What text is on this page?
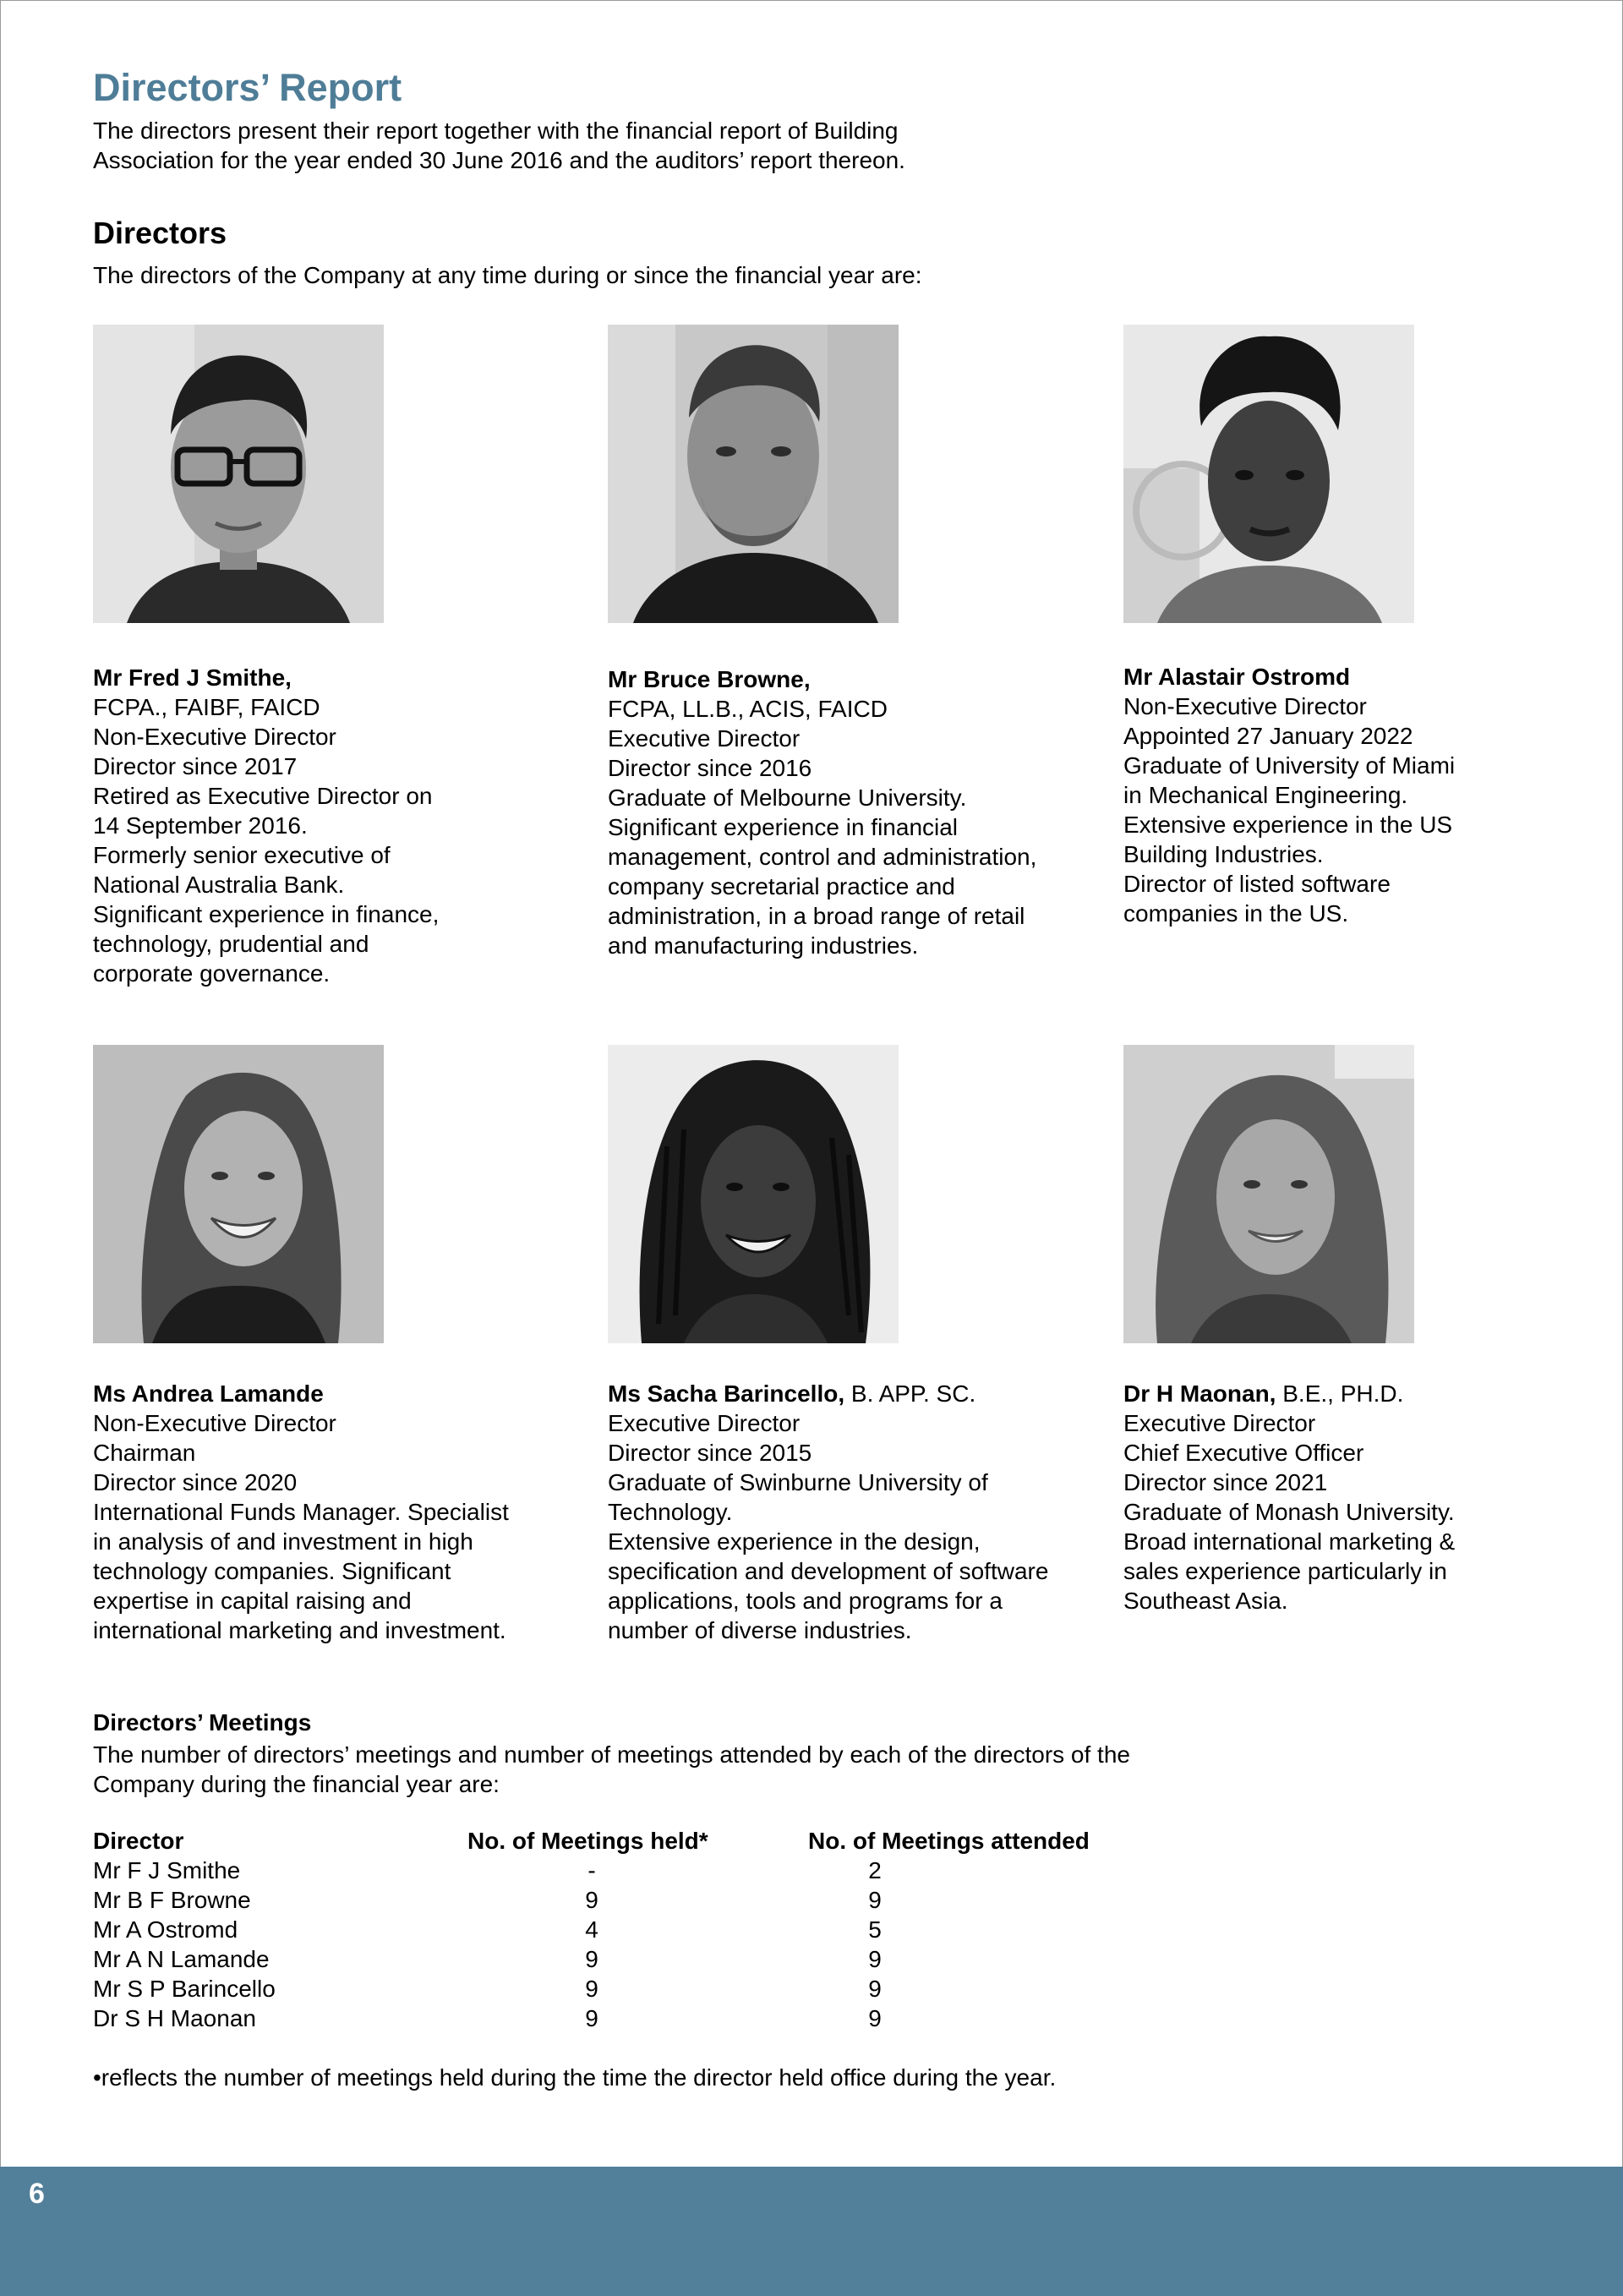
Directors’ Report
The directors present their report together with the financial report of Building
Association for the year ended 30 June 2016 and the auditors’ report thereon.
Directors
The directors of the Company at any time during or since the financial year are:
Mr Fred J Smithe,
FCPA., FAIBF, FAICD
Non-Executive Director
Director since 2017
Retired as Executive Director on
14 September 2016.
Formerly senior executive of
National Australia Bank.
Significant experience in finance,
technology, prudential and
corporate governance.
Mr Bruce Browne,
FCPA, LL.B., ACIS, FAICD
Executive Director
Director since 2016
Graduate of Melbourne University.
Significant experience in financial
management, control and administration,
company secretarial practice and
administration, in a broad range of retail
and manufacturing industries.
Mr Alastair Ostromd
Non-Executive Director
Appointed 27 January 2022
Graduate of University of Miami
in Mechanical Engineering.
Extensive experience in the US
Building Industries.
Director of listed software
companies in the US.
Ms Andrea Lamande
Non-Executive Director
Chairman
Director since 2020
International Funds Manager. Specialist
in analysis of and investment in high
technology companies. Significant
expertise in capital raising and
international marketing and investment.
Ms Sacha Barincello, B. APP. SC.
Executive Director
Director since 2015
Graduate of Swinburne University of
Technology.
Extensive experience in the design,
specification and development of software
applications, tools and programs for a
number of diverse industries.
Dr H Maonan, B.E., PH.D.
Executive Director
Chief Executive Officer
Director since 2021
Graduate of Monash University.
Broad international marketing &
sales experience particularly in
Southeast Asia.
Directors’ Meetings
The number of directors’ meetings and number of meetings attended by each of the directors of the
Company during the financial year are:
Director	No. of Meetings held*	No. of Meetings attended
Mr F J Smithe	-	2
Mr B F Browne	9	9
Mr A Ostromd	4	5
Mr A N Lamande	9	9
Mr S P Barincello	9	9
Dr S H Maonan	9	9
•reflects the number of meetings held during the time the director held office during the year.
6
